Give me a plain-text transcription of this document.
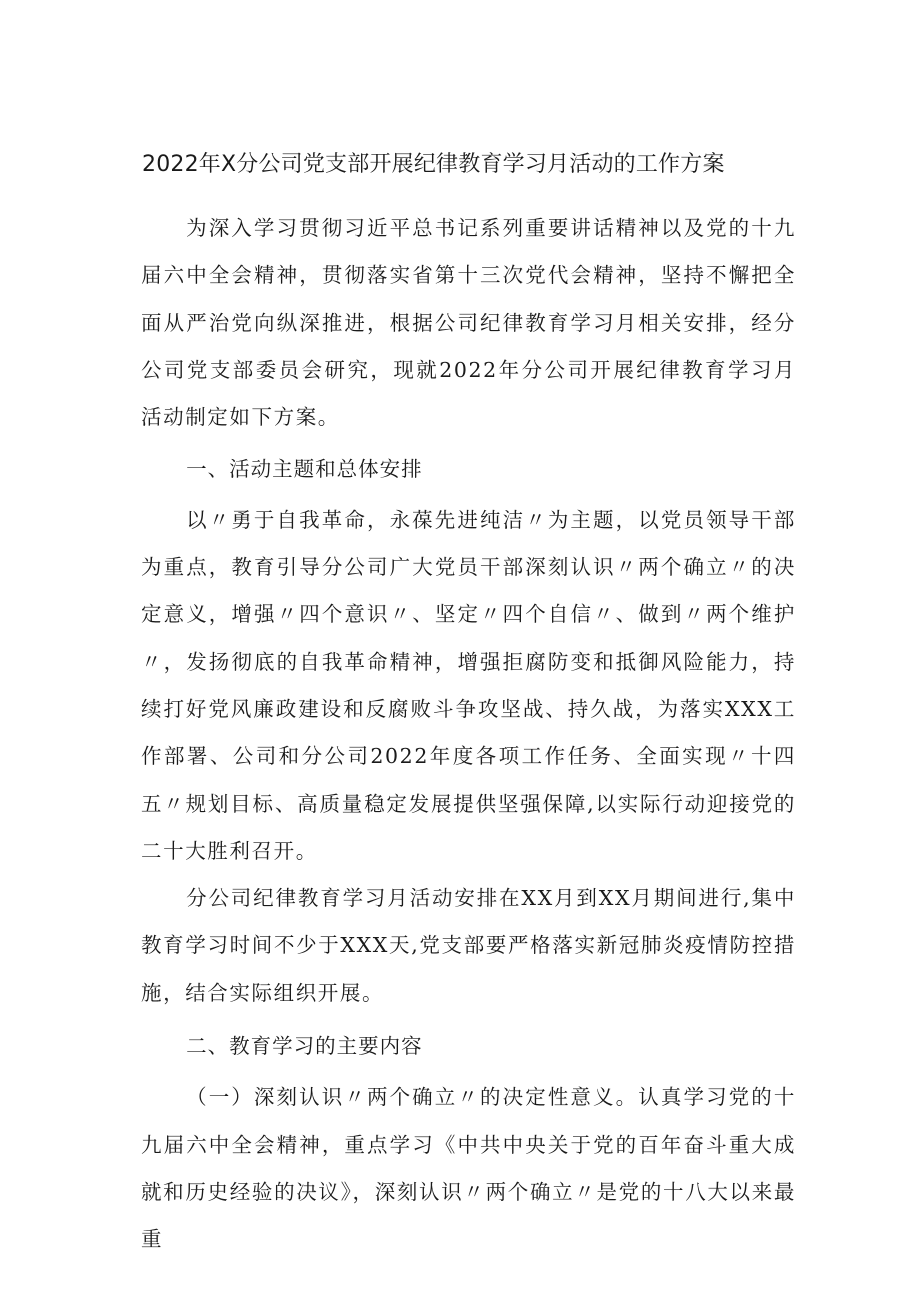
2022年X分公司党支部开展纪律教育学习月活动的工作方案

为深入学习贯彻习近平总书记系列重要讲话精神以及党的十九届六中全会精神，贯彻落实省第十三次党代会精神，坚持不懈把全面从严治党向纵深推进，根据公司纪律教育学习月相关安排，经分公司党支部委员会研究，现就2022年分公司开展纪律教育学习月活动制定如下方案。

一、活动主题和总体安排

以〃勇于自我革命，永葆先进纯洁〃为主题，以党员领导干部为重点，教育引导分公司广大党员干部深刻认识〃两个确立〃的决定意义，增强〃四个意识〃、坚定〃四个自信〃、做到〃两个维护〃，发扬彻底的自我革命精神，增强拒腐防变和抵御风险能力，持续打好党风廉政建设和反腐败斗争攻坚战、持久战，为落实XXX工作部署、公司和分公司2022年度各项工作任务、全面实现〃十四五〃规划目标、高质量稳定发展提供坚强保障,以实际行动迎接党的二十大胜利召开。

分公司纪律教育学习月活动安排在XX月到XX月期间进行,集中教育学习时间不少于XXX天,党支部要严格落实新冠肺炎疫情防控措施，结合实际组织开展。

二、教育学习的主要内容

（一）深刻认识〃两个确立〃的决定性意义。认真学习党的十九届六中全会精神，重点学习《中共中央关于党的百年奋斗重大成就和历史经验的决议》，深刻认识〃两个确立〃是党的十八大以来最重
